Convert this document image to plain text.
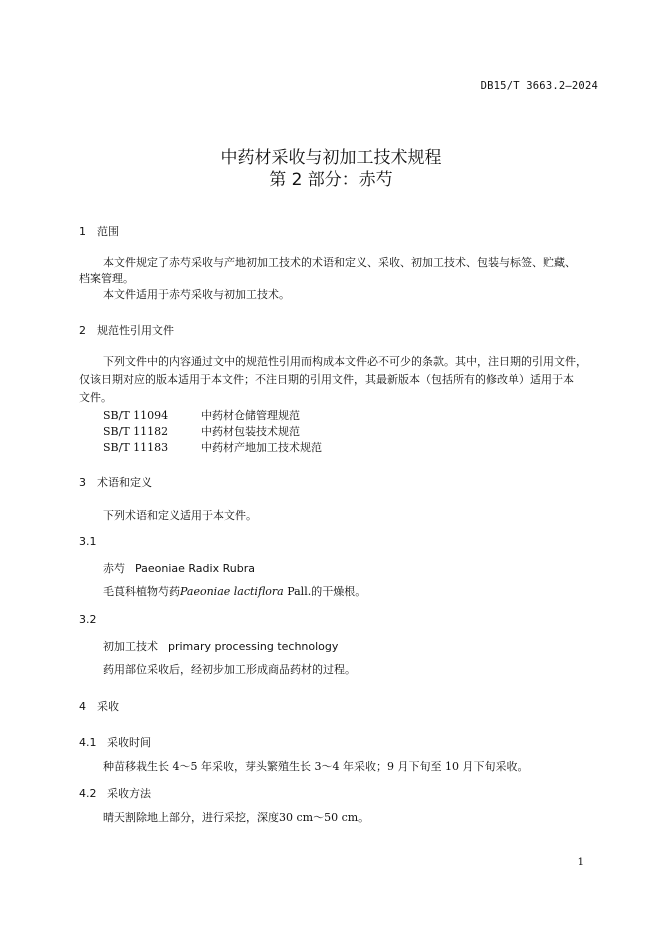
DB15/T 3663.2—2024
中药材采收与初加工技术规程
第 2 部分：赤芍
1 范围
本文件规定了赤芍采收与产地初加工技术的术语和定义、采收、初加工技术、包装与标签、贮藏、
档案管理。
本文件适用于赤芍采收与初加工技术。
2 规范性引用文件
下列文件中的内容通过文中的规范性引用而构成本文件必不可少的条款。其中，注日期的引用文件，
仅该日期对应的版本适用于本文件；不注日期的引用文件，其最新版本（包括所有的修改单）适用于本
文件。
SB/T 11094	中药材仓储管理规范
SB/T 11182	中药材包装技术规范
SB/T 11183	中药材产地加工技术规范
3 术语和定义
下列术语和定义适用于本文件。
3.1
赤芍 Paeoniae Radix Rubra
毛茛科植物芍药Paeoniae lactiflora Pall.的干燥根。
3.2
初加工技术 primary processing technology
药用部位采收后，经初步加工形成商品药材的过程。
4 采收
4.1 采收时间
种苗移栽生长 4～5 年采收，芽头繁殖生长 3～4 年采收；9 月下旬至 10 月下旬采收。
4.2 采收方法
晴天割除地上部分，进行采挖，深度30 cm～50 cm。
1
